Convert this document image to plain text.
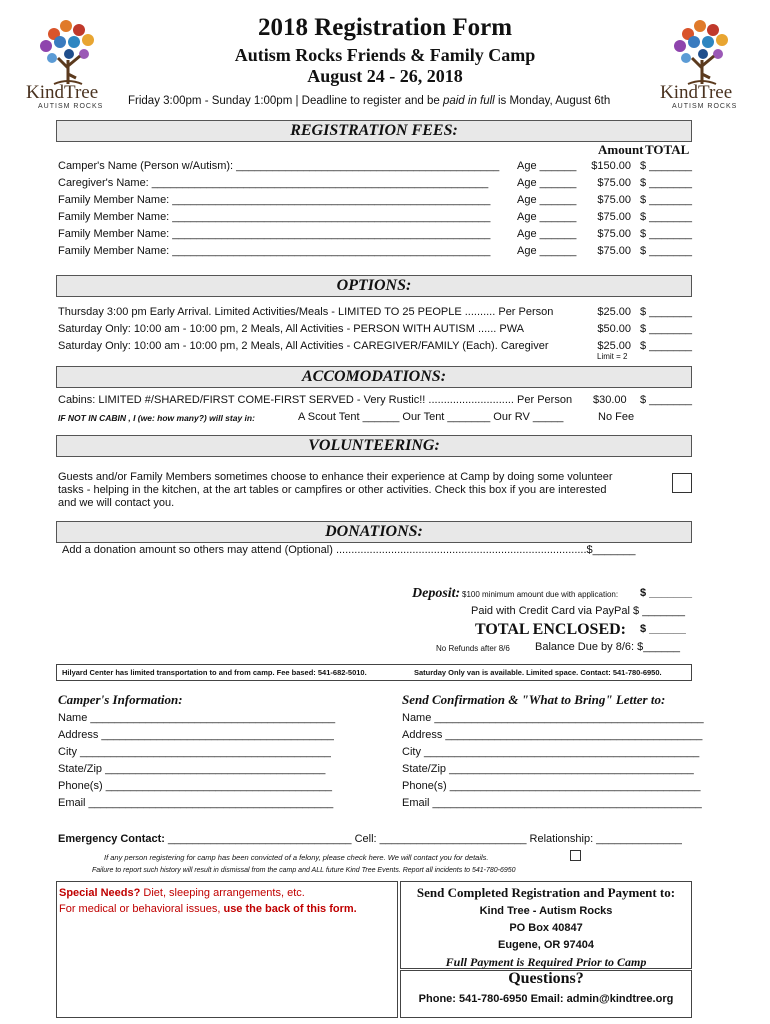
KindTree
AUTISM ROCKS
KindTree
AUTISM ROCKS
2018 Registration Form
Autism Rocks Friends & Family Camp
August 24 - 26, 2018
Friday 3:00pm - Sunday 1:00pm | Deadline to register and be paid in full is Monday, August 6th
REGISTRATION FEES:
Amount TOTAL
Camper's Name (Person w/Autism): ___________________________________________ Age ______ $150.00 $ _______
Caregiver's Name: _______________________________________________________	Age ______ $75.00 $ _______
Family Member Name: ____________________________________________________ Age ______ $75.00 $ _______
Family Member Name: ____________________________________________________ Age ______ $75.00 $ _______
Family Member Name: ____________________________________________________ Age ______ $75.00 $ _______
Family Member Name: ____________________________________________________ Age ______ $75.00 $ _______
OPTIONS:
Thursday 3:00 pm Early Arrival. Limited Activities/Meals - LIMITED TO 25 PEOPLE .......... Per Person	$25.00 $ _______
Saturday Only: 10:00 am - 10:00 pm, 2 Meals, All Activities - PERSON WITH AUTISM ...... PWA	$50.00 $ _______
Saturday Only: 10:00 am - 10:00 pm, 2 Meals, All Activities - CAREGIVER/FAMILY (Each). Caregiver	$25.00 $ _______
Limit = 2
ACCOMODATIONS:
Cabins: LIMITED #/SHARED/FIRST COME-FIRST SERVED - Very Rustic!! ............................ Per Person $30.00 $ _______
IF NOT IN CABIN , I (we: how many?) will stay in:	A Scout Tent ______ Our Tent _______ Our RV _____	No Fee
VOLUNTEERING:
Guests and/or Family Members sometimes choose to enhance their experience at Camp by doing some volunteer
tasks - helping in the kitchen, at the art tables or campfires or other activities. Check this box if you are interested
and we will contact you.
DONATIONS:
Add a donation amount so others may attend (Optional) ..................................................................................$_______
Deposit: $100 minimum amount due with application: $ _______
Paid with Credit Card via PayPal $ _______
TOTAL ENCLOSED: $ ______
No Refunds after 8/6 Balance Due by 8/6: $______
Hilyard Center has limited transportation to and from camp. Fee based: 541-682-5010.	Saturday Only van is available. Limited space. Contact: 541-780-6950.
Camper's Information:	Send Confirmation & "What to Bring" Letter to:
Name ________________________________________
Address ______________________________________
City _________________________________________
State/Zip ____________________________________
Phone(s) _____________________________________
Email ________________________________________
Name ____________________________________________
Address __________________________________________
City _____________________________________________
State/Zip ________________________________________
Phone(s) _________________________________________
Email ____________________________________________
Emergency Contact: ______________________________ Cell: ________________________ Relationship: ______________
If any person registering for camp has been convicted of a felony, please check here. We will contact you for details.
Failure to report such history will result in dismissal from the camp and ALL future Kind Tree Events. Report all incidents to 541-780-6950
Special Needs? Diet, sleeping arrangements, etc.
For medical or behavioral issues, use the back of this form.
Send Completed Registration and Payment to:
Kind Tree - Autism Rocks
PO Box 40847
Eugene, OR 97404
Full Payment is Required Prior to Camp
Questions?
Phone: 541-780-6950 Email: admin@kindtree.org
